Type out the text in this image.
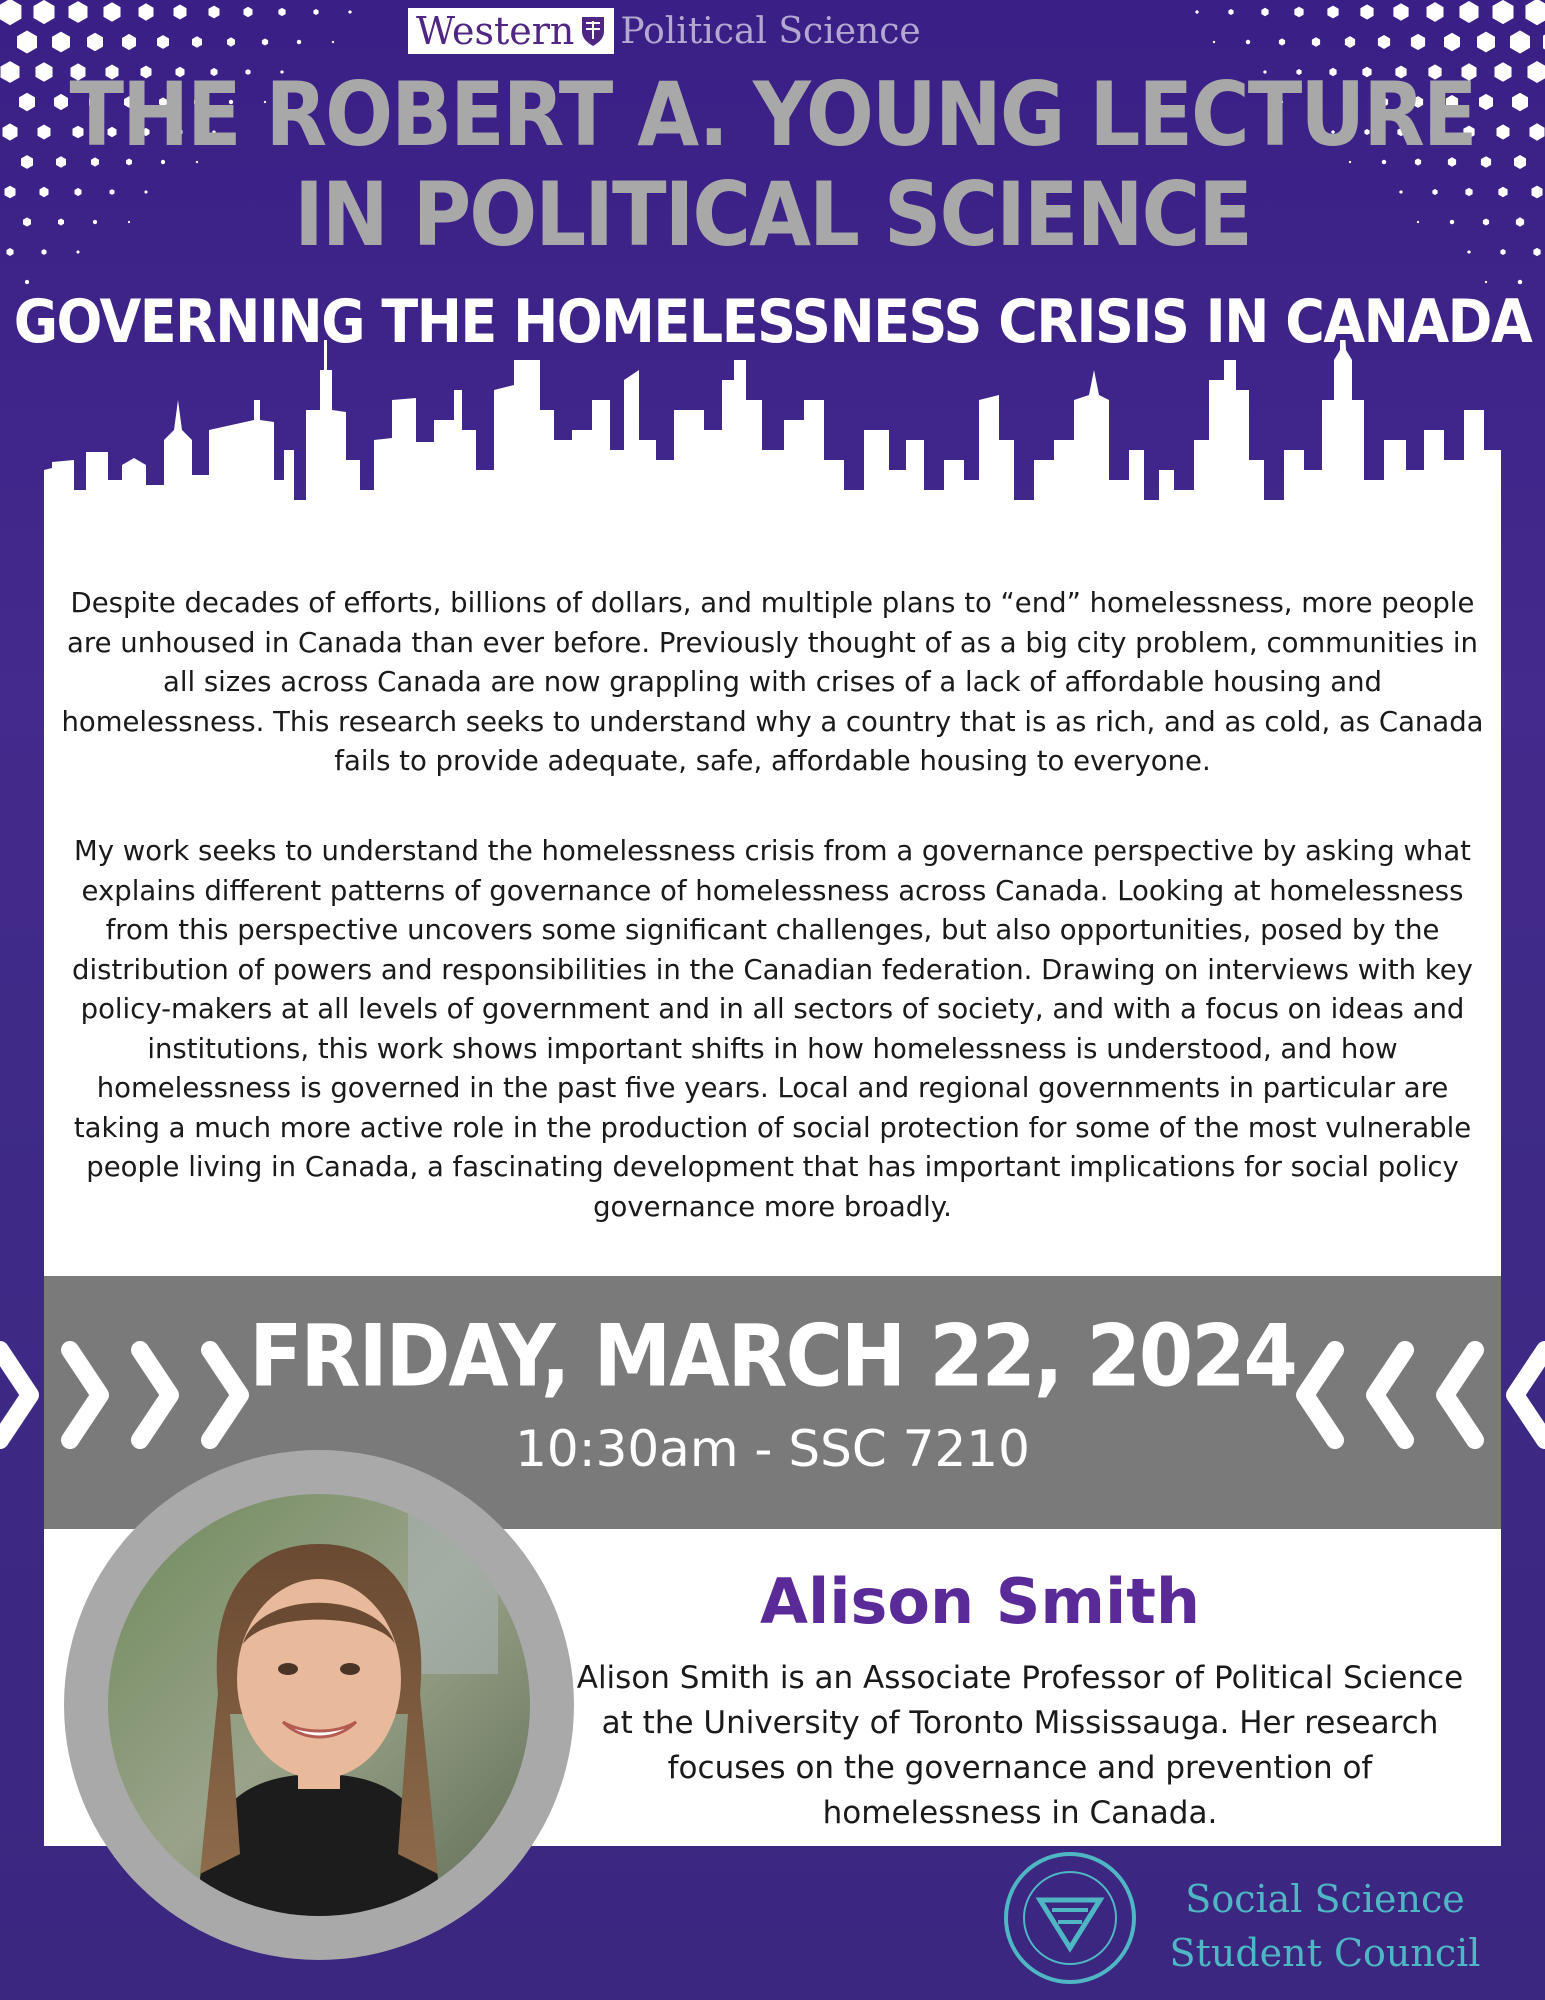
Western Political Science
THE ROBERT A. YOUNG LECTURE
IN POLITICAL SCIENCE
GOVERNING THE HOMELESSNESS CRISIS IN CANADA

Despite decades of efforts, billions of dollars, and multiple plans to “end” homelessness, more people are unhoused in Canada than ever before. Previously thought of as a big city problem, communities in all sizes across Canada are now grappling with crises of a lack of affordable housing and homelessness. This research seeks to understand why a country that is as rich, and as cold, as Canada fails to provide adequate, safe, affordable housing to everyone.

My work seeks to understand the homelessness crisis from a governance perspective by asking what explains different patterns of governance of homelessness across Canada. Looking at homelessness from this perspective uncovers some significant challenges, but also opportunities, posed by the distribution of powers and responsibilities in the Canadian federation. Drawing on interviews with key policy-makers at all levels of government and in all sectors of society, and with a focus on ideas and institutions, this work shows important shifts in how homelessness is understood, and how homelessness is governed in the past five years. Local and regional governments in particular are taking a much more active role in the production of social protection for some of the most vulnerable people living in Canada, a fascinating development that has important implications for social policy governance more broadly.

FRIDAY, MARCH 22, 2024
10:30am - SSC 7210
Alison Smith

Alison Smith is an Associate Professor of Political Science at the University of Toronto Mississauga. Her research focuses on the governance and prevention of homelessness in Canada.

Social Science
Student Council
